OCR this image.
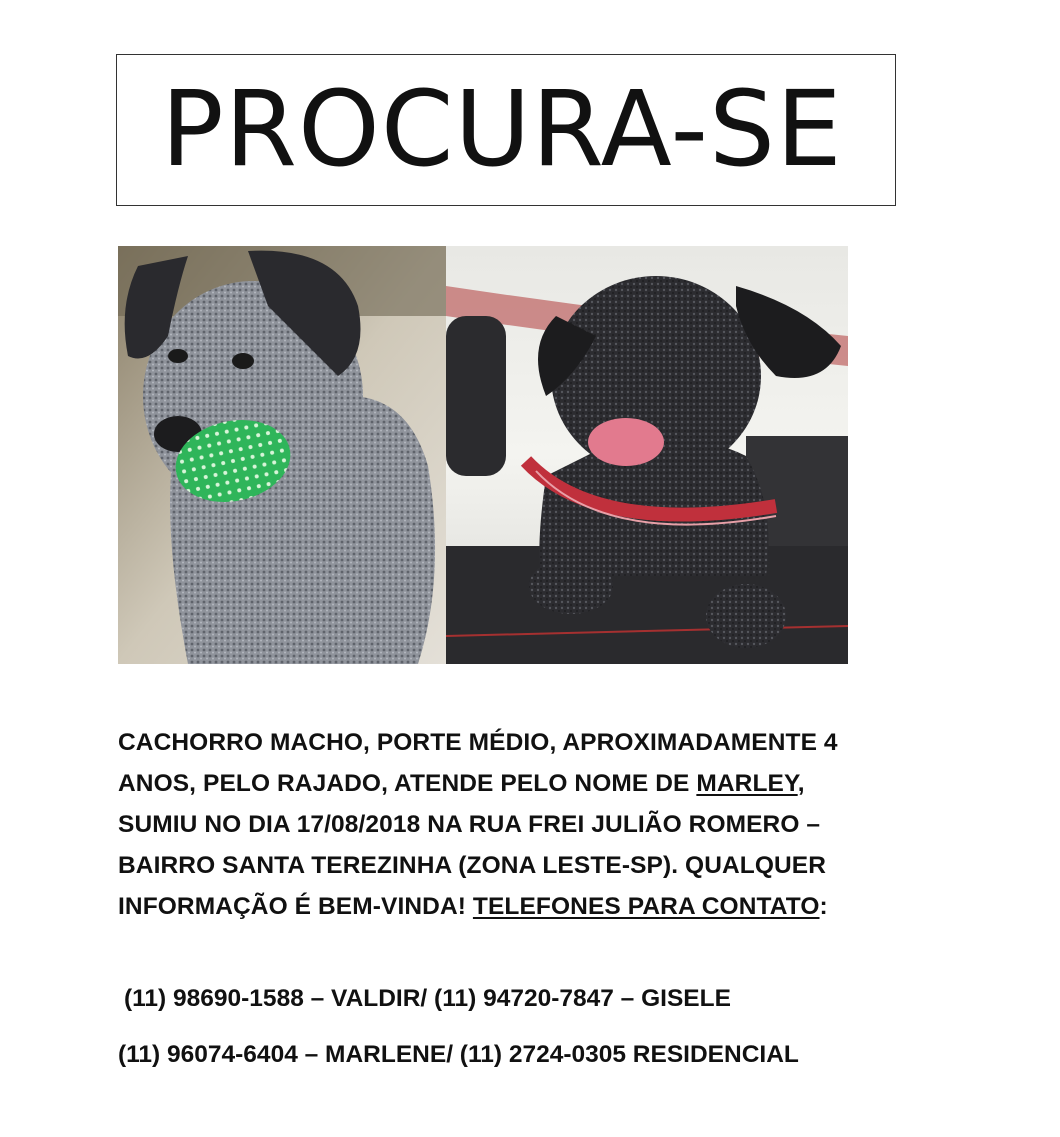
PROCURA-SE
CACHORRO MACHO, PORTE MÉDIO, APROXIMADAMENTE 4 ANOS, PELO RAJADO, ATENDE PELO NOME DE MARLEY, SUMIU NO DIA 17/08/2018 NA RUA FREI JULIÃO ROMERO – BAIRRO SANTA TEREZINHA (ZONA LESTE-SP). QUALQUER INFORMAÇÃO É BEM-VINDA! TELEFONES PARA CONTATO:
(11) 98690-1588 – VALDIR/ (11) 94720-7847 – GISELE
(11) 96074-6404 – MARLENE/ (11) 2724-0305 RESIDENCIAL
